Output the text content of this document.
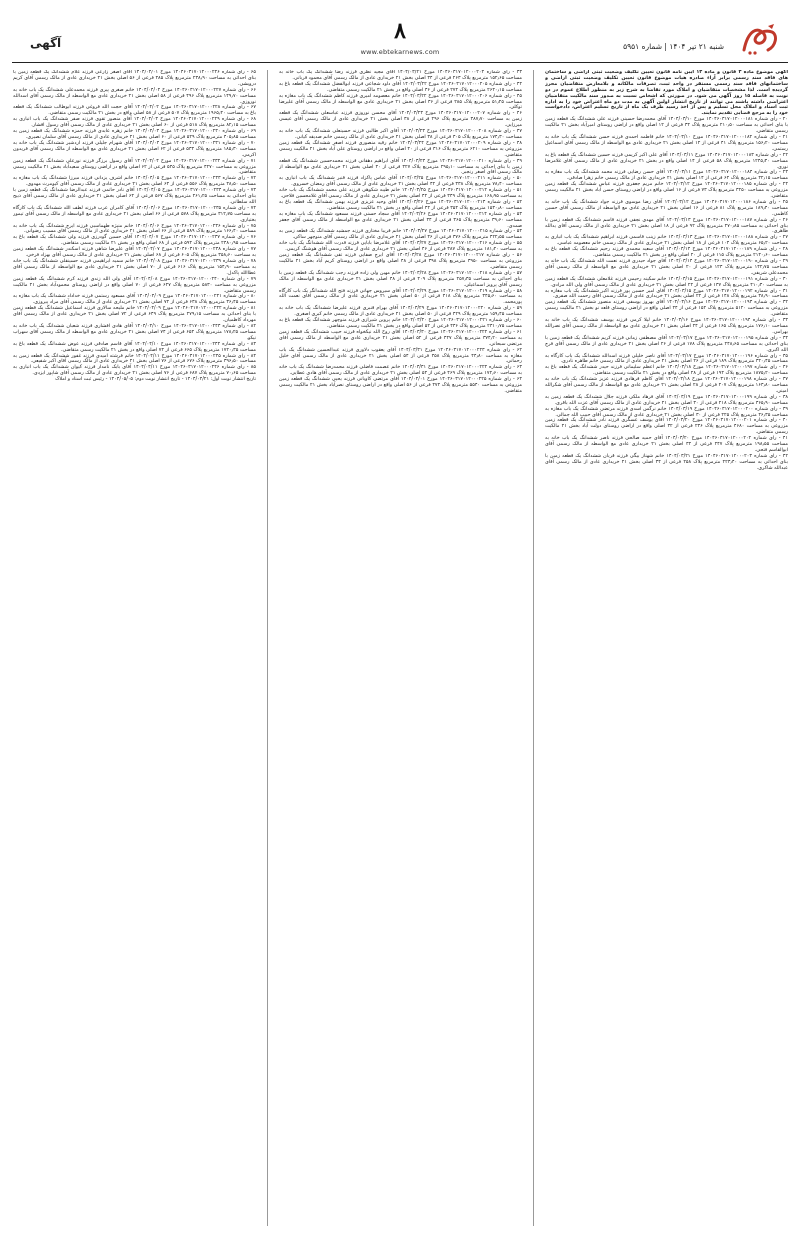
آگهی	۸
www.ebtekarnews.com
شنبه ۲۱ تیر ۱۴۰۴ | شماره ۵۹۵۱

آگهی موضوع ماده ۳ قانون و ماده ۱۳ آیین نامه قانون تعیین تکلیف وضعیت ثبتی اراضی و ساختمان های فاقد سند رسمی برابر آراء صادره هیات موضوع قانون تعیین تکلیف وضعیت ثبتی اراضی و ساختمانهای فاقد سند رسمی مستقر در واحد ثبت، تصرفات مالکانه و بلامعارض متقاضیان محرز گردیده است. لذا مشخصات متقاضیان و املاک مورد تقاضا به شرح زیر به منظور اطلاع عموم در دو نوبت به فاصله ۱۵ روز آگهی می شود. در صورتی که اشخاص نسبت به صدور سند مالکیت متقاضیان اعتراضی داشته باشند می توانند از تاریخ انتشار اولین آگهی به مدت دو ماه اعتراض خود را به اداره ثبت اسناد و املاک محل تسلیم و پس از اخذ رسید ظرف یک ماه از تاریخ تسلیم اعتراض، دادخواست خود را به مرجع قضایی تقدیم نمایند.

۲۰ - رای شماره ۱۴۰۴۶۰۳۱۷۰۱۲۰۰۰۱۸۱ مورخ ۱۴۰۴/۰۳/۱۰ آقای محمدرضا حسینی فرزند علی ششدانگ یک قطعه زمین با بنای احداثی به مساحت ۲۱۰٫۵۰ مترمربع پلاک ۳۴ فرعی از ۱۲ اصلی واقع در اراضی روستای امیرآباد بخش ۲۱ مالکیت رسمی متقاضی.

۲۱ - رای شماره ۱۴۰۴۶۰۳۱۷۰۱۲۰۰۰۱۸۲ مورخ ۱۴۰۴/۰۳/۱۰ خانم فاطمه احمدی فرزند حسن ششدانگ یک باب خانه به مساحت ۱۵۶٫۲۰ مترمربع پلاک ۴۱ فرعی از ۱۲ اصلی بخش ۲۱ خریداری عادی مع الواسطه از مالک رسمی آقای اسماعیل رستمی.

۲۲ - رای شماره ۱۴۰۴۶۰۳۱۷۰۱۲۰۰۰۱۸۳ مورخ ۱۴۰۴/۰۳/۱۱ آقای علی اکبر کریمی فرزند حسین ششدانگ یک قطعه باغ به مساحت ۱۲۴۵٫۳۰ مترمربع پلاک ۵۸ فرعی از ۱۴ اصلی واقع در بخش ۲۱ خریداری عادی از مالک رسمی آقای غلامرضا نوری.

۲۳ - رای شماره ۱۴۰۴۶۰۳۱۷۰۱۲۰۰۰۱۸۴ مورخ ۱۴۰۴/۰۳/۱۱ آقای حسن رضایی فرزند محمد ششدانگ یک باب مغازه به مساحت ۴۲٫۱۵ مترمربع پلاک ۶۲ فرعی از ۱۴ اصلی بخش ۲۱ خریداری عادی از مالک رسمی خانم زهرا صادقی.

۲۴ - رای شماره ۱۴۰۴۶۰۳۱۷۰۱۲۰۰۰۱۸۵ مورخ ۱۴۰۴/۰۳/۱۲ خانم مریم جعفری فرزند عباس ششدانگ یک قطعه زمین مزروعی به مساحت ۳۲۵۰ مترمربع پلاک ۷۳ فرعی از ۱۶ اصلی واقع در اراضی روستای حسن آباد بخش ۲۱ مالکیت رسمی متقاضی.

۲۵ - رای شماره ۱۴۰۴۶۰۳۱۷۰۱۲۰۰۰۱۸۶ مورخ ۱۴۰۴/۰۳/۱۲ آقای رضا موسوی فرزند جواد ششدانگ یک باب خانه به مساحت ۱۸۹٫۴۰ مترمربع پلاک ۸۱ فرعی از ۱۶ اصلی بخش ۲۱ خریداری عادی مع الواسطه از مالک رسمی آقای حسین کاظمی.

۲۶ - رای شماره ۱۴۰۴۶۰۳۱۷۰۱۲۰۰۰۱۸۷ مورخ ۱۴۰۴/۰۳/۱۳ آقای مهدی نجفی فرزند قاسم ششدانگ یک قطعه زمین با بنای احداثی به مساحت ۲۷۰٫۸۵ مترمربع پلاک ۹۲ فرعی از ۱۸ اصلی بخش ۲۱ خریداری عادی از مالک رسمی آقای یدالله طاهری.

۲۷ - رای شماره ۱۴۰۴۶۰۳۱۷۰۱۲۰۰۰۱۸۸ مورخ ۱۴۰۴/۰۳/۱۳ خانم زینب قاسمی فرزند ابراهیم ششدانگ یک باب انباری به مساحت ۶۵٫۲۰ مترمربع پلاک ۱۰۴ فرعی از ۱۸ اصلی بخش ۲۱ خریداری عادی از مالک رسمی خانم معصومه عباسی.

۲۸ - رای شماره ۱۴۰۴۶۰۳۱۷۰۱۲۰۰۰۱۸۹ مورخ ۱۴۰۴/۰۳/۱۴ آقای سعید محمدی فرزند رحیم ششدانگ یک قطعه باغ به مساحت ۲۱۴۰٫۶۰ مترمربع پلاک ۱۱۵ فرعی از ۲۰ اصلی واقع در بخش ۲۱ مالکیت رسمی متقاضی.

۲۹ - رای شماره ۱۴۰۴۶۰۳۱۷۰۱۲۰۰۰۱۹۰ مورخ ۱۴۰۴/۰۳/۱۴ آقای جواد حیدری فرزند نعمت الله ششدانگ یک باب خانه به مساحت ۱۴۲٫۷۵ مترمربع پلاک ۱۲۳ فرعی از ۲۰ اصلی بخش ۲۱ خریداری عادی مع الواسطه از مالک رسمی آقای محمدعلی شریفی.

۳۰ - رای شماره ۱۴۰۴۶۰۳۱۷۰۱۲۰۰۰۱۹۱ مورخ ۱۴۰۴/۰۳/۱۵ خانم سکینه رحیمی فرزند غلامعلی ششدانگ یک قطعه زمین به مساحت ۴۱۰٫۳۰ مترمربع پلاک ۱۳۷ فرعی از ۲۲ اصلی بخش ۲۱ خریداری عادی از مالک رسمی آقای ولی الله مرادی.

۳۱ - رای شماره ۱۴۰۴۶۰۳۱۷۰۱۲۰۰۰۱۹۲ مورخ ۱۴۰۴/۰۳/۱۵ آقای امیر حسین پور فرزند اکبر ششدانگ یک باب مغازه به مساحت ۳۸٫۹۰ مترمربع پلاک ۱۴۸ فرعی از ۲۲ اصلی بخش ۲۱ خریداری عادی از مالک رسمی آقای رحمت الله صفری.

۳۲ - رای شماره ۱۴۰۴۶۰۳۱۷۰۱۲۰۰۰۱۹۳ مورخ ۱۴۰۴/۰۳/۱۶ آقای بهروز یوسفی فرزند منصور ششدانگ یک قطعه زمین مزروعی به مساحت ۵۱۲۰ مترمربع پلاک ۱۵۲ فرعی از ۲۴ اصلی واقع در اراضی روستای قلعه نو بخش ۲۱ مالکیت رسمی متقاضی.

۳۳ - رای شماره ۱۴۰۴۶۰۳۱۷۰۱۲۰۰۰۱۹۴ مورخ ۱۴۰۴/۰۳/۱۶ خانم لیلا کرمی فرزند یوسف ششدانگ یک باب خانه به مساحت ۱۷۶٫۱۰ مترمربع پلاک ۱۶۵ فرعی از ۲۴ اصلی بخش ۲۱ خریداری عادی مع الواسطه از مالک رسمی آقای نصرالله بهرامی.

۳۴ - رای شماره ۱۴۰۴۶۰۳۱۷۰۱۲۰۰۰۱۹۵ مورخ ۱۴۰۴/۰۳/۱۷ آقای مصطفی زمانی فرزند کریم ششدانگ یک قطعه زمین با بنای احداثی به مساحت ۲۴۸٫۶۵ مترمربع پلاک ۱۷۸ فرعی از ۲۶ اصلی بخش ۲۱ خریداری عادی از مالک رسمی آقای فرج الله اکبری.

۳۵ - رای شماره ۱۴۰۴۶۰۳۱۷۰۱۲۰۰۰۱۹۶ مورخ ۱۴۰۴/۰۳/۱۷ آقای ناصر خلیلی فرزند اسدالله ششدانگ یک باب کارگاه به مساحت ۳۲۰٫۴۵ مترمربع پلاک ۱۸۹ فرعی از ۲۶ اصلی بخش ۲۱ خریداری عادی از مالک رسمی خانم طاهره نادری.

۳۶ - رای شماره ۱۴۰۴۶۰۳۱۷۰۱۲۰۰۰۱۹۷ مورخ ۱۴۰۴/۰۳/۱۸ خانم اعظم سلیمانی فرزند حیدر ششدانگ یک قطعه باغ به مساحت ۱۸۷۵٫۲۰ مترمربع پلاک ۱۹۴ فرعی از ۲۸ اصلی واقع در بخش ۲۱ مالکیت رسمی متقاضی.

۳۷ - رای شماره ۱۴۰۴۶۰۳۱۷۰۱۲۰۰۰۱۹۸ مورخ ۱۴۰۴/۰۳/۱۸ آقای کاظم فرهادی فرزند عزیز ششدانگ یک باب خانه به مساحت ۱۶۳٫۸۰ مترمربع پلاک ۲۰۷ فرعی از ۲۸ اصلی بخش ۲۱ خریداری عادی مع الواسطه از مالک رسمی آقای شکرالله امینی.

۳۸ - رای شماره ۱۴۰۴۶۰۳۱۷۰۱۲۰۰۰۱۹۹ مورخ ۱۴۰۴/۰۳/۱۹ آقای فرهاد ملکی فرزند جلال ششدانگ یک قطعه زمین به مساحت ۳۶۵٫۹۰ مترمربع پلاک ۲۱۸ فرعی از ۳۰ اصلی بخش ۲۱ خریداری عادی از مالک رسمی آقای عزت الله باقری.

۳۹ - رای شماره ۱۴۰۴۶۰۳۱۷۰۱۲۰۰۰۲۰۰ مورخ ۱۴۰۴/۰۳/۱۹ خانم نرگس اسدی فرزند مرتضی ششدانگ یک باب مغازه به مساحت ۴۶٫۳۵ مترمربع پلاک ۲۲۵ فرعی از ۳۰ اصلی بخش ۲۱ خریداری عادی از مالک رسمی آقای حبیب الله جمالی.

۴۰ - رای شماره ۱۴۰۴۶۰۳۱۷۰۱۲۰۰۰۲۰۱ مورخ ۱۴۰۴/۰۳/۲۰ آقای یوسف عسگری فرزند نادر ششدانگ یک قطعه زمین مزروعی به مساحت ۴۶۸۰ مترمربع پلاک ۲۳۶ فرعی از ۳۲ اصلی واقع در اراضی روستای دولت آباد بخش ۲۱ مالکیت رسمی متقاضی.

۴۱ - رای شماره ۱۴۰۴۶۰۳۱۷۰۱۲۰۰۰۲۰۲ مورخ ۱۴۰۴/۰۳/۲۰ آقای حمید صالحی فرزند ناصر ششدانگ یک باب خانه به مساحت ۱۹۸٫۵۵ مترمربع پلاک ۲۴۷ فرعی از ۳۲ اصلی بخش ۲۱ خریداری عادی مع الواسطه از مالک رسمی آقای ابوالقاسم فتحی.

۴۲ - رای شماره ۱۴۰۴۶۰۳۱۷۰۱۲۰۰۰۲۰۳ مورخ ۱۴۰۴/۰۳/۲۱ خانم شهناز بیگی فرزند قربان ششدانگ یک قطعه زمین با بنای احداثی به مساحت ۲۲۳٫۴۰ مترمربع پلاک ۲۵۸ فرعی از ۳۴ اصلی بخش ۲۱ خریداری عادی از مالک رسمی آقای عبدالله شاکری.

۴۳ - رای شماره ۱۴۰۴۶۰۳۱۷۰۱۲۰۰۰۲۰۴ مورخ ۱۴۰۴/۰۳/۲۱ آقای مجید نظری فرزند رضا ششدانگ یک باب خانه به مساحت ۱۵۲٫۶۵ مترمربع پلاک ۲۶۳ فرعی از ۳۴ اصلی بخش ۲۱ خریداری عادی از مالک رسمی آقای محمود قربانی.

۴۴ - رای شماره ۱۴۰۴۶۰۳۱۷۰۱۲۰۰۰۲۰۵ مورخ ۱۴۰۴/۰۳/۲۲ آقای داود شجاعی فرزند ابوالفضل ششدانگ یک قطعه باغ به مساحت ۲۶۴۰٫۱۵ مترمربع پلاک ۲۷۴ فرعی از ۳۶ اصلی واقع در بخش ۲۱ مالکیت رسمی متقاضی.

۴۵ - رای شماره ۱۴۰۴۶۰۳۱۷۰۱۲۰۰۰۲۰۶ مورخ ۱۴۰۴/۰۳/۲۲ خانم معصومه امیری فرزند کاظم ششدانگ یک باب مغازه به مساحت ۵۱٫۲۵ مترمربع پلاک ۲۸۵ فرعی از ۳۶ اصلی بخش ۲۱ خریداری عادی مع الواسطه از مالک رسمی آقای علیرضا توکلی.

۴۶ - رای شماره ۱۴۰۴۶۰۳۱۷۰۱۲۰۰۰۲۰۷ مورخ ۱۴۰۴/۰۳/۲۳ آقای محسن نوروزی فرزند عباسعلی ششدانگ یک قطعه زمین به مساحت ۳۸۷٫۷۰ مترمربع پلاک ۲۹۶ فرعی از ۳۸ اصلی بخش ۲۱ خریداری عادی از مالک رسمی آقای عیسی میرزایی.

۴۷ - رای شماره ۱۴۰۴۶۰۳۱۷۰۱۲۰۰۰۲۰۸ مورخ ۱۴۰۴/۰۳/۲۳ آقای اکبر طالبی فرزند حسینعلی ششدانگ یک باب خانه به مساحت ۱۷۴٫۳۰ مترمربع پلاک ۳۰۵ فرعی از ۳۸ اصلی بخش ۲۱ خریداری عادی از مالک رسمی خانم صدیقه کیانی.

۴۸ - رای شماره ۱۴۰۴۶۰۳۱۷۰۱۲۰۰۰۲۰۹ مورخ ۱۴۰۴/۰۳/۲۴ خانم رقیه منصوری فرزند اصغر ششدانگ یک قطعه زمین مزروعی به مساحت ۶۲۱۰ مترمربع پلاک ۳۱۶ فرعی از ۴۰ اصلی واقع در اراضی روستای علی آباد بخش ۲۱ مالکیت رسمی متقاضی.

۴۹ - رای شماره ۱۴۰۴۶۰۳۱۷۰۱۲۰۰۰۲۱۰ مورخ ۱۴۰۴/۰۳/۲۴ آقای ابراهیم دهقانی فرزند محمدحسین ششدانگ یک قطعه زمین با بنای احداثی به مساحت ۲۹۵٫۱۰ مترمربع پلاک ۳۲۷ فرعی از ۴۰ اصلی بخش ۲۱ خریداری عادی مع الواسطه از مالک رسمی آقای اصغر رنجبر.

۵۰ - رای شماره ۱۴۰۴۶۰۳۱۷۰۱۲۰۰۰۲۱۱ مورخ ۱۴۰۴/۰۳/۲۵ آقای عباس پاکزاد فرزند قنبر ششدانگ یک باب انباری به مساحت ۷۸٫۴۰ مترمربع پلاک ۳۳۸ فرعی از ۴۲ اصلی بخش ۲۱ خریداری عادی از مالک رسمی آقای رمضان خسروی.

۵۱ - رای شماره ۱۴۰۴۶۰۳۱۷۰۱۲۰۰۰۲۱۲ مورخ ۱۴۰۴/۰۳/۲۵ خانم طیبه شکوهی فرزند علی محمد ششدانگ یک باب خانه به مساحت ۱۶۸٫۹۵ مترمربع پلاک ۳۴۹ فرعی از ۴۲ اصلی بخش ۲۱ خریداری عادی از مالک رسمی آقای غلامحسین فلاحی.

۵۲ - رای شماره ۱۴۰۴۶۰۳۱۷۰۱۲۰۰۰۲۱۳ مورخ ۱۴۰۴/۰۳/۲۶ آقای وحید عزیزی فرزند بهمن ششدانگ یک قطعه باغ به مساحت ۱۵۳۰٫۸۰ مترمربع پلاک ۳۵۴ فرعی از ۴۴ اصلی واقع در بخش ۲۱ مالکیت رسمی متقاضی.

۵۳ - رای شماره ۱۴۰۴۶۰۳۱۷۰۱۲۰۰۰۲۱۴ مورخ ۱۴۰۴/۰۳/۲۶ آقای سجاد حسنی فرزند مسعود ششدانگ یک باب مغازه به مساحت ۳۹٫۶۰ مترمربع پلاک ۳۶۵ فرعی از ۴۴ اصلی بخش ۲۱ خریداری عادی مع الواسطه از مالک رسمی آقای جعفر صمدی.

۵۴ - رای شماره ۱۴۰۴۶۰۳۱۷۰۱۲۰۰۰۲۱۵ مورخ ۱۴۰۴/۰۳/۲۷ خانم فریبا مختاری فرزند جمشید ششدانگ یک قطعه زمین به مساحت ۴۲۲٫۵۵ مترمربع پلاک ۳۷۶ فرعی از ۴۶ اصلی بخش ۲۱ خریداری عادی از مالک رسمی آقای منوچهر ساکی.

۵۵ - رای شماره ۱۴۰۴۶۰۳۱۷۰۱۲۰۰۰۲۱۶ مورخ ۱۴۰۴/۰۳/۲۷ آقای غلامرضا بابایی فرزند قدرت الله ششدانگ یک باب خانه به مساحت ۱۸۱٫۲۰ مترمربع پلاک ۳۸۷ فرعی از ۴۶ اصلی بخش ۲۱ خریداری عادی از مالک رسمی آقای هوشنگ کریمی.

۵۶ - رای شماره ۱۴۰۴۶۰۳۱۷۰۱۲۰۰۰۲۱۷ مورخ ۱۴۰۴/۰۳/۲۸ آقای ایرج صفایی فرزند تقی ششدانگ یک قطعه زمین مزروعی به مساحت ۳۹۵۰ مترمربع پلاک ۳۹۸ فرعی از ۴۸ اصلی واقع در اراضی روستای کریم آباد بخش ۲۱ مالکیت رسمی متقاضی.

۵۷ - رای شماره ۱۴۰۴۶۰۳۱۷۰۱۲۰۰۰۲۱۸ مورخ ۱۴۰۴/۰۳/۲۸ خانم مهین ولی زاده فرزند رجب ششدانگ یک قطعه زمین با بنای احداثی به مساحت ۲۵۷٫۳۵ مترمربع پلاک ۴۰۹ فرعی از ۴۸ اصلی بخش ۲۱ خریداری عادی مع الواسطه از مالک رسمی آقای پرویز اسماعیلی.

۵۸ - رای شماره ۱۴۰۴۶۰۳۱۷۰۱۲۰۰۰۲۱۹ مورخ ۱۴۰۴/۰۳/۲۹ آقای سیروس جهانی فرزند فتح الله ششدانگ یک باب کارگاه به مساحت ۳۴۵٫۶۰ مترمربع پلاک ۴۱۸ فرعی از ۵۰ اصلی بخش ۲۱ خریداری عادی از مالک رسمی آقای نعمت الله پورمحمد.

۵۹ - رای شماره ۱۴۰۴۶۰۳۱۷۰۱۲۰۰۰۲۲۰ مورخ ۱۴۰۴/۰۳/۲۹ آقای بهرام قنبری فرزند علیرضا ششدانگ یک باب خانه به مساحت ۱۵۹٫۴۵ مترمربع پلاک ۴۲۹ فرعی از ۵۰ اصلی بخش ۲۱ خریداری عادی از مالک رسمی خانم کبری اصغری.

۶۰ - رای شماره ۱۴۰۴۶۰۳۱۷۰۱۲۰۰۰۲۲۱ مورخ ۱۴۰۴/۰۳/۳۰ خانم پروین شیرازی فرزند منوچهر ششدانگ یک قطعه باغ به مساحت ۲۳۱۰٫۷۵ مترمربع پلاک ۴۳۶ فرعی از ۵۲ اصلی واقع در بخش ۲۱ مالکیت رسمی متقاضی.

۶۱ - رای شماره ۱۴۰۴۶۰۳۱۷۰۱۲۰۰۰۲۲۲ مورخ ۱۴۰۴/۰۳/۳۰ آقای روح الله نیکخواه فرزند حبیب ششدانگ یک قطعه زمین به مساحت ۳۷۴٫۲۰ مترمربع پلاک ۴۴۷ فرعی از ۵۲ اصلی بخش ۲۱ خریداری عادی مع الواسطه از مالک رسمی آقای مرتضی سبحانی.

۶۲ - رای شماره ۱۴۰۴۶۰۳۱۷۰۱۲۰۰۰۲۲۳ مورخ ۱۴۰۴/۰۳/۳۱ آقای یعقوب دلاوری فرزند عبدالحسین ششدانگ یک باب مغازه به مساحت ۴۴٫۸۰ مترمربع پلاک ۴۵۸ فرعی از ۵۴ اصلی بخش ۲۱ خریداری عادی از مالک رسمی آقای خلیل رحمانی.

۶۳ - رای شماره ۱۴۰۴۶۰۳۱۷۰۱۲۰۰۰۲۲۴ مورخ ۱۴۰۴/۰۳/۳۱ خانم عصمت فاضلی فرزند محمدرضا ششدانگ یک باب خانه به مساحت ۱۷۲٫۶۰ مترمربع پلاک ۴۶۹ فرعی از ۵۴ اصلی بخش ۲۱ خریداری عادی از مالک رسمی آقای هادی عطایی.

۶۴ - رای شماره ۱۴۰۴۶۰۳۱۷۰۱۲۰۰۰۲۲۵ مورخ ۱۴۰۴/۰۴/۰۱ آقای مرتضی کاویانی فرزند یحیی ششدانگ یک قطعه زمین مزروعی به مساحت ۵۵۴۰ مترمربع پلاک ۴۷۴ فرعی از ۵۶ اصلی واقع در اراضی روستای نصرآباد بخش ۲۱ مالکیت رسمی متقاضی.

۶۵ - رای شماره ۱۴۰۴۶۰۳۱۷۰۱۲۰۰۰۲۲۶ مورخ ۱۴۰۴/۰۴/۰۱ آقای اصغر زارعی فرزند غلام ششدانگ یک قطعه زمین با بنای احداثی به مساحت ۲۳۸٫۹۰ مترمربع پلاک ۴۸۵ فرعی از ۵۶ اصلی بخش ۲۱ خریداری عادی از مالک رسمی آقای کریم درویشی.

۶۶ - رای شماره ۱۴۰۴۶۰۳۱۷۰۱۲۰۰۰۲۲۷ مورخ ۱۴۰۴/۰۴/۰۲ خانم صغری پیری فرزند محمدعلی ششدانگ یک باب خانه به مساحت ۱۴۹٫۷۰ مترمربع پلاک ۴۹۶ فرعی از ۵۸ اصلی بخش ۲۱ خریداری عادی مع الواسطه از مالک رسمی آقای اسدالله نوروزی.

۶۷ - رای شماره ۱۴۰۴۶۰۳۱۷۰۱۲۰۰۰۲۲۸ مورخ ۱۴۰۴/۰۴/۰۲ آقای حجت الله فروغی فرزند ابوطالب ششدانگ یک قطعه باغ به مساحت ۱۹۶۵٫۴۰ مترمربع پلاک ۵۰۷ فرعی از ۵۸ اصلی واقع در بخش ۲۱ مالکیت رسمی متقاضی.

۶۸ - رای شماره ۱۴۰۴۶۰۳۱۷۰۱۲۰۰۰۲۲۹ مورخ ۱۴۰۴/۰۴/۰۳ آقای منصور تقوی فرزند صفر ششدانگ یک باب انباری به مساحت ۸۲٫۱۵ مترمربع پلاک ۵۱۸ فرعی از ۶۰ اصلی بخش ۲۱ خریداری عادی از مالک رسمی آقای رسول افشار.

۶۹ - رای شماره ۱۴۰۴۶۰۳۱۷۰۱۲۰۰۰۲۳۰ مورخ ۱۴۰۴/۰۴/۰۳ خانم زهره عابدی فرزند حمزه ششدانگ یک قطعه زمین به مساحت ۴۰۵٫۸۵ مترمربع پلاک ۵۲۹ فرعی از ۶۰ اصلی بخش ۲۱ خریداری عادی از مالک رسمی آقای سلمان نصیری.

۷۰ - رای شماره ۱۴۰۴۶۰۳۱۷۰۱۲۰۰۰۲۳۱ مورخ ۱۴۰۴/۰۴/۰۴ آقای شهرام جلیلی فرزند اردشیر ششدانگ یک باب خانه به مساحت ۱۸۵٫۳۰ مترمربع پلاک ۵۳۴ فرعی از ۶۲ اصلی بخش ۲۱ خریداری عادی مع الواسطه از مالک رسمی آقای فریدون اکرمی.

۷۱ - رای شماره ۱۴۰۴۶۰۳۱۷۰۱۲۰۰۰۲۳۲ مورخ ۱۴۰۴/۰۴/۰۴ آقای رسول برزگر فرزند نورعلی ششدانگ یک قطعه زمین مزروعی به مساحت ۴۲۷۰ مترمربع پلاک ۵۴۵ فرعی از ۶۲ اصلی واقع در اراضی روستای سعیدآباد بخش ۲۱ مالکیت رسمی متقاضی.

۷۲ - رای شماره ۱۴۰۴۶۰۳۱۷۰۱۲۰۰۰۲۳۳ مورخ ۱۴۰۴/۰۴/۰۵ خانم اشرف یزدانی فرزند میرزا ششدانگ یک باب مغازه به مساحت ۴۸٫۵۰ مترمربع پلاک ۵۵۶ فرعی از ۶۴ اصلی بخش ۲۱ خریداری عادی از مالک رسمی آقای کیومرث مهدوی.

۷۳ - رای شماره ۱۴۰۴۶۰۳۱۷۰۱۲۰۰۰۲۳۴ مورخ ۱۴۰۴/۰۴/۰۵ آقای نادر حاتمی فرزند عبدالرضا ششدانگ یک قطعه زمین با بنای احداثی به مساحت ۲۶۱٫۲۵ مترمربع پلاک ۵۶۷ فرعی از ۶۴ اصلی بخش ۲۱ خریداری عادی از مالک رسمی آقای ذبیح الله سلطانی.

۷۴ - رای شماره ۱۴۰۴۶۰۳۱۷۰۱۲۰۰۰۲۳۵ مورخ ۱۴۰۴/۰۴/۰۶ آقای کامران عرب فرزند لطف الله ششدانگ یک باب کارگاه به مساحت ۳۱۲٫۷۵ مترمربع پلاک ۵۷۸ فرعی از ۶۶ اصلی بخش ۲۱ خریداری عادی مع الواسطه از مالک رسمی آقای تیمور بختیاری.

۷۵ - رای شماره ۱۴۰۴۶۰۳۱۷۰۱۲۰۰۰۲۳۶ مورخ ۱۴۰۴/۰۴/۰۶ خانم منیژه طهماسبی فرزند ایرج ششدانگ یک باب خانه به مساحت ۱۶۶٫۴۰ مترمربع پلاک ۵۸۹ فرعی از ۶۶ اصلی بخش ۲۱ خریداری عادی از مالک رسمی آقای مسیب رضوانی.

۷۶ - رای شماره ۱۴۰۴۶۰۳۱۷۰۱۲۰۰۰۲۳۷ مورخ ۱۴۰۴/۰۴/۰۷ آقای حسین گودرزی فرزند ولی ششدانگ یک قطعه باغ به مساحت ۲۴۸۰٫۹۵ مترمربع پلاک ۵۹۴ فرعی از ۶۸ اصلی واقع در بخش ۲۱ مالکیت رسمی متقاضی.

۷۷ - رای شماره ۱۴۰۴۶۰۳۱۷۰۱۲۰۰۰۲۳۸ مورخ ۱۴۰۴/۰۴/۰۷ آقای علیرضا شاهی فرزند اسکندر ششدانگ یک قطعه زمین به مساحت ۳۵۸٫۶۰ مترمربع پلاک ۶۰۵ فرعی از ۶۸ اصلی بخش ۲۱ خریداری عادی از مالک رسمی آقای بهزاد فرخی.

۷۸ - رای شماره ۱۴۰۴۶۰۳۱۷۰۱۲۰۰۰۲۳۹ مورخ ۱۴۰۴/۰۴/۰۸ خانم سمیه ابراهیمی فرزند حسینقلی ششدانگ یک باب خانه به مساحت ۱۵۴٫۹۰ مترمربع پلاک ۶۱۶ فرعی از ۷۰ اصلی بخش ۲۱ خریداری عادی مع الواسطه از مالک رسمی آقای عطاالله پاکدل.

۷۹ - رای شماره ۱۴۰۴۶۰۳۱۷۰۱۲۰۰۰۲۴۰ مورخ ۱۴۰۴/۰۴/۰۸ آقای ولی الله زندی فرزند کرم ششدانگ یک قطعه زمین مزروعی به مساحت ۵۸۳۰ مترمربع پلاک ۶۲۷ فرعی از ۷۰ اصلی واقع در اراضی روستای محمودآباد بخش ۲۱ مالکیت رسمی متقاضی.

۸۰ - رای شماره ۱۴۰۴۶۰۳۱۷۰۱۲۰۰۰۲۴۱ مورخ ۱۴۰۴/۰۴/۰۹ آقای مسعود رستمی فرزند خداداد ششدانگ یک باب مغازه به مساحت ۳۶٫۴۵ مترمربع پلاک ۶۳۸ فرعی از ۷۲ اصلی بخش ۲۱ خریداری عادی از مالک رسمی آقای مراد پیروزی.

۸۱ - رای شماره ۱۴۰۴۶۰۳۱۷۰۱۲۰۰۰۲۴۲ مورخ ۱۴۰۴/۰۴/۰۹ خانم ملیحه سالاری فرزند اسماعیل ششدانگ یک قطعه زمین با بنای احداثی به مساحت ۲۷۹٫۱۵ مترمربع پلاک ۶۴۹ فرعی از ۷۲ اصلی بخش ۲۱ خریداری عادی از مالک رسمی آقای مهرداد کاظمیان.

۸۲ - رای شماره ۱۴۰۴۶۰۳۱۷۰۱۲۰۰۰۲۴۳ مورخ ۱۴۰۴/۰۴/۱۰ آقای هادی افشاری فرزند شعبان ششدانگ یک باب خانه به مساحت ۱۷۸٫۲۵ مترمربع پلاک ۶۵۴ فرعی از ۷۴ اصلی بخش ۲۱ خریداری عادی مع الواسطه از مالک رسمی آقای سهراب نیکو.

۸۳ - رای شماره ۱۴۰۴۶۰۳۱۷۰۱۲۰۰۰۲۴۴ مورخ ۱۴۰۴/۰۴/۱۰ آقای قاسم صادقی فرزند عوض ششدانگ یک قطعه باغ به مساحت ۱۷۲۰٫۳۵ مترمربع پلاک ۶۶۵ فرعی از ۷۴ اصلی واقع در بخش ۲۱ مالکیت رسمی متقاضی.

۸۴ - رای شماره ۱۴۰۴۶۰۳۱۷۰۱۲۰۰۰۲۴۵ مورخ ۱۴۰۴/۰۴/۱۱ خانم فرشته امیدی فرزند غفور ششدانگ یک قطعه زمین به مساحت ۳۹۶٫۵۰ مترمربع پلاک ۶۷۶ فرعی از ۷۶ اصلی بخش ۲۱ خریداری عادی از مالک رسمی آقای اکبر شفیعی.

۸۵ - رای شماره ۱۴۰۴۶۰۳۱۷۰۱۲۰۰۰۲۴۶ مورخ ۱۴۰۴/۰۴/۱۱ آقای بابک نامدار فرزند کیوان ششدانگ یک باب انباری به مساحت ۷۰٫۶۵ مترمربع پلاک ۶۸۷ فرعی از ۷۶ اصلی بخش ۲۱ خریداری عادی از مالک رسمی آقای شاپور ایزدی.

تاریخ انتشار نوبت اول: ۱۴۰۴/۰۴/۲۱ - تاریخ انتشار نوبت دوم: ۱۴۰۴/۰۵/۰۵ - رئیس ثبت اسناد و املاک
